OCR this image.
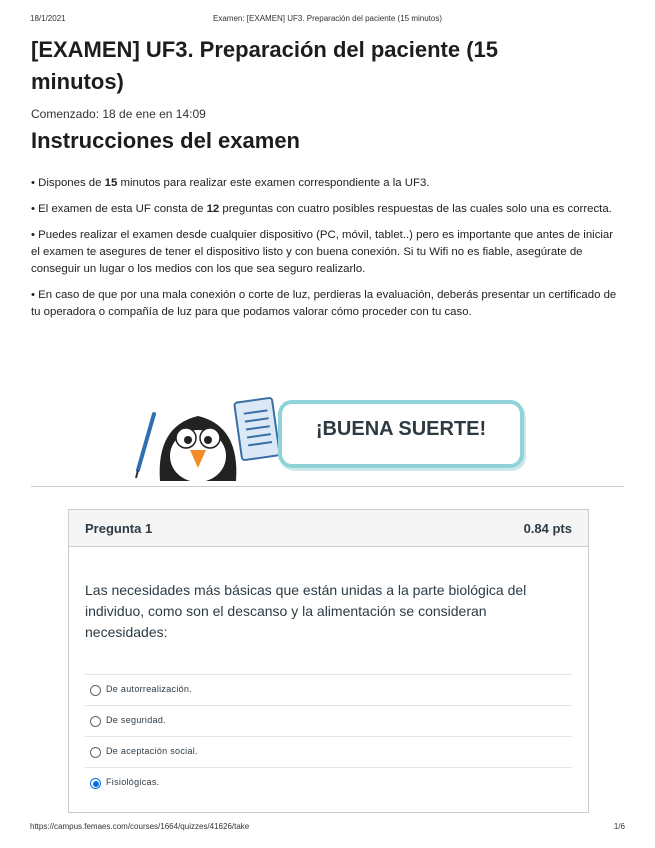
18/1/2021	Examen: [EXAMEN] UF3. Preparación del paciente (15 minutos)
[EXAMEN] UF3. Preparación del paciente (15 minutos)
Comenzado: 18 de ene en 14:09
Instrucciones del examen

• Dispones de 15 minutos para realizar este examen correspondiente a la UF3.

• El examen de esta UF consta de 12 preguntas con cuatro posibles respuestas de las cuales solo una es correcta.

• Puedes realizar el examen desde cualquier dispositivo (PC, móvil, tablet..) pero es importante que antes de iniciar el examen te asegures de tener el dispositivo listo y con buena conexión. Si tu Wifi no es fiable, asegúrate de conseguir un lugar o los medios con los que sea seguro realizarlo.

• En caso de que por una mala conexión o corte de luz, perdieras la evaluación, deberás presentar un certificado de tu operadora o compañía de luz para que podamos valorar cómo proceder con tu caso.

¡BUENA SUERTE!
Pregunta 1	0.84 pts
Las necesidades más básicas que están unidas a la parte biológica del individuo, como son el descanso y la alimentación se consideran necesidades:
De autorrealización.
De seguridad.
De aceptación social.
Fisiológicas.
https://campus.femaes.com/courses/1664/quizzes/41626/take	1/6
